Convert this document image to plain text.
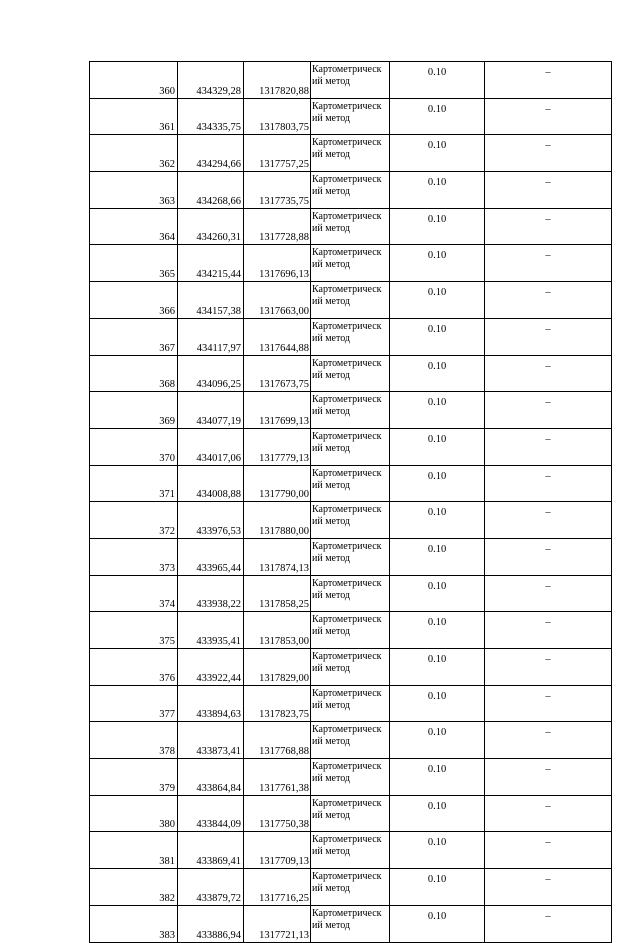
360	434329,28	1317820,88	Картометрическ ий метод	0.10	–
361	434335,75	1317803,75	Картометрическ ий метод	0.10	–
362	434294,66	1317757,25	Картометрическ ий метод	0.10	–
363	434268,66	1317735,75	Картометрическ ий метод	0.10	–
364	434260,31	1317728,88	Картометрическ ий метод	0.10	–
365	434215,44	1317696,13	Картометрическ ий метод	0.10	–
366	434157,38	1317663,00	Картометрическ ий метод	0.10	–
367	434117,97	1317644,88	Картометрическ ий метод	0.10	–
368	434096,25	1317673,75	Картометрическ ий метод	0.10	–
369	434077,19	1317699,13	Картометрическ ий метод	0.10	–
370	434017,06	1317779,13	Картометрическ ий метод	0.10	–
371	434008,88	1317790,00	Картометрическ ий метод	0.10	–
372	433976,53	1317880,00	Картометрическ ий метод	0.10	–
373	433965,44	1317874,13	Картометрическ ий метод	0.10	–
374	433938,22	1317858,25	Картометрическ ий метод	0.10	–
375	433935,41	1317853,00	Картометрическ ий метод	0.10	–
376	433922,44	1317829,00	Картометрическ ий метод	0.10	–
377	433894,63	1317823,75	Картометрическ ий метод	0.10	–
378	433873,41	1317768,88	Картометрическ ий метод	0.10	–
379	433864,84	1317761,38	Картометрическ ий метод	0.10	–
380	433844,09	1317750,38	Картометрическ ий метод	0.10	–
381	433869,41	1317709,13	Картометрическ ий метод	0.10	–
382	433879,72	1317716,25	Картометрическ ий метод	0.10	–
383	433886,94	1317721,13	Картометрическ ий метод	0.10	–
